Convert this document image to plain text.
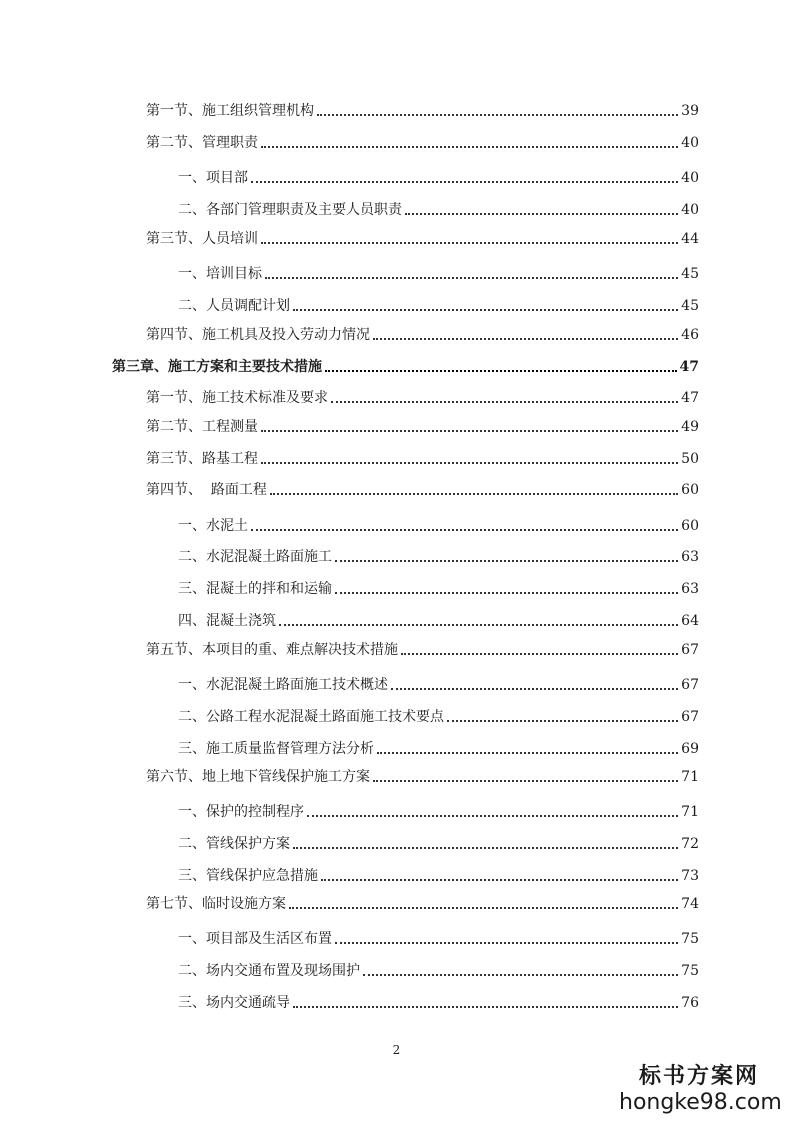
第一节、施工组织管理机构	39
第二节、管理职责	40
一、项目部	40
二、各部门管理职责及主要人员职责	40
第三节、人员培训	44
一、培训目标	45
二、人员调配计划	45
第四节、施工机具及投入劳动力情况	46
第三章、施工方案和主要技术措施	47
第一节、施工技术标准及要求	47
第二节、工程测量	49
第三节、路基工程	50
第四节、  路面工程	60
一、水泥土	60
二、水泥混凝土路面施工	63
三、混凝土的拌和和运输	63
四、混凝土浇筑	64
第五节、本项目的重、难点解决技术措施	67
一、水泥混凝土路面施工技术概述	67
二、公路工程水泥混凝土路面施工技术要点	67
三、施工质量监督管理方法分析	69
第六节、地上地下管线保护施工方案	71
一、保护的控制程序	71
二、管线保护方案	72
三、管线保护应急措施	73
第七节、临时设施方案	74
一、项目部及生活区布置	75
二、场内交通布置及现场围护	75
三、场内交通疏导	76
2
标书方案网
hongke98.com
